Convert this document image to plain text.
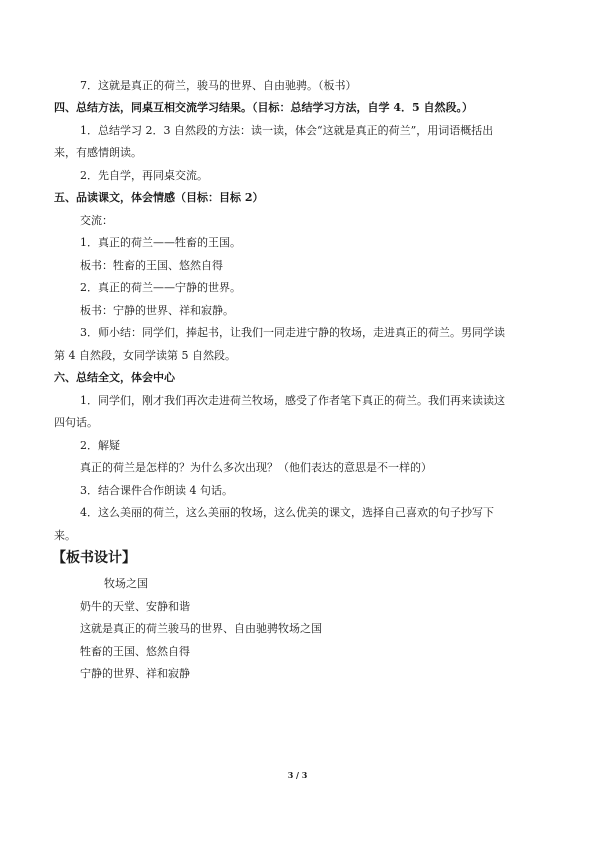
7．这就是真正的荷兰，骏马的世界、自由驰骋。（板书）
四、总结方法，同桌互相交流学习结果。（目标：总结学习方法，自学 4．5 自然段。）
1．总结学习 2．3 自然段的方法：读一读，体会“这就是真正的荷兰”，用词语概括出
来，有感情朗读。
2．先自学，再同桌交流。
五、品读课文，体会情感（目标：目标 2）
交流：
1．真正的荷兰——牲畜的王国。
板书：牲畜的王国、悠然自得
2．真正的荷兰——宁静的世界。
板书：宁静的世界、祥和寂静。
3．师小结：同学们，捧起书，让我们一同走进宁静的牧场，走进真正的荷兰。男同学读
第 4 自然段，女同学读第 5 自然段。
六、总结全文，体会中心
1．同学们，刚才我们再次走进荷兰牧场，感受了作者笔下真正的荷兰。我们再来读读这
四句话。
2．解疑
真正的荷兰是怎样的？为什么多次出现？（他们表达的意思是不一样的）
3．结合课件合作朗读 4 句话。
4．这么美丽的荷兰，这么美丽的牧场，这么优美的课文，选择自己喜欢的句子抄写下
来。
【板书设计】
牧场之国
奶牛的天堂、安静和谐
这就是真正的荷兰骏马的世界、自由驰骋牧场之国
牲畜的王国、悠然自得
宁静的世界、祥和寂静
3 / 3
